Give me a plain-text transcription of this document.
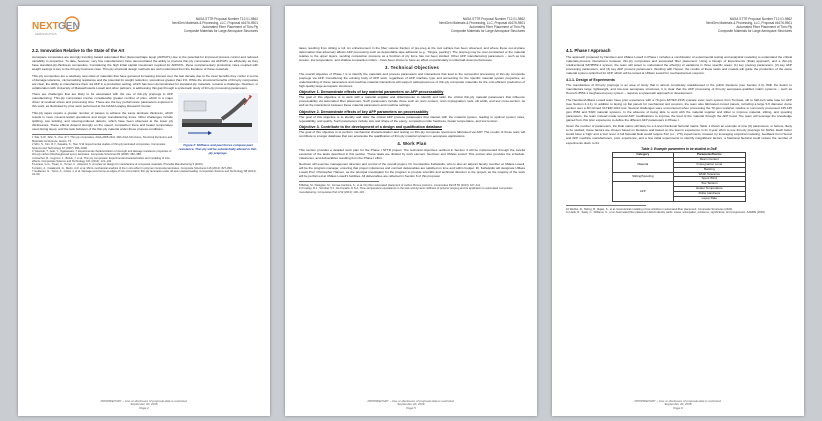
NEXT GEN
AERONAUTICS
NASA STTR Proposal Number T12.01-9862
NextGen Materials & Processing, LLC, Proposal #1676-9501
Automated Fiber Placement of Thin-Ply
Composite Materials for Large Aerospace Structures
2.2. Innovation Relative to the State of the Art

Aerospace composites are strongly trending toward automated fiber placement/tape layup (AFP/ATL) due to the potential for improved process control and reduced variability in properties. To date, however, very few manufacturers have demonstrated the ability to process thin-ply composites via AFP/ATL as efficiently as they have standard-ply-thickness composites. Considering the high initial capital investment required for AFP/ATL, these complementary production rates coupled with weight savings is key to the thin-ply business case. Thin-ply structural design methods are well understood from the literature of these materials.

Thin-ply composites are a relatively new class of materials that have garnered increasing interest over the last decade due to the clear benefits they confer in terms of damage tolerance, microcracking resistance and the potential for weight reduction, sometimes greater than 1%. While the structural benefits of thin-ply composites are clear, the ability to manufacture them via AFP in a production setting, which has been demonstrated for standard-ply materials, remains a challenge. NextGen, in collaboration with University of Massachusetts Lowell and other partners, is addressing this gap through a systematic study of thin-ply processing parameters.

Figure 2: Stiffness and peel forces compare peel resistance. Thin ply will be substantially altered in thin-ply prepregs.

There are challenges that are likely to be associated with the use of thin-ply prepregs in AFP manufacturing. Thin-ply composites involve considerably greater number of plies, which is a major driver of residual stress and processing time. These are the key performance parameters explored in this work, as illustrated by prior work performed at the NASA Langley Research Center.

Thin-ply tapes require a greater number of passes to achieve the same laminate thickness, which results in more cut-and-restart operations and longer manufacturing times. Other challenges include splitting, tow twisting, and steering-induced defects, which have been observed at the lower ply thicknesses. These effects depend strongly on the speed, compaction force and heater temperature used during layup, and the tack behavior of the thin-ply material under these process conditions.

1 Tsai, S.W., Sihn, S., Kim, R.Y. Thin ply composites. AIAA-2005-2311, 46th AIAA Structures, Structural Dynamics and Materials Conference, Austin, TX.
2 Sihn, S., Kim, R.Y., Kawabe, K., Tsai, S.W. Experimental studies of thin-ply laminated composites. Composites Science and Technology 67 (2007): 996–1008.
3 Yokozeki, T., Aoki, Y., Ogasawara, T. Experimental characterization of strength and damage resistance properties of thin-ply carbon fiber/toughened epoxy laminates. Composite Structures 82 (2008): 382–389.
4 Amacher, R., Cugnoni, J., Botsis, J. et al. Thin ply composites: Experimental characterization and modeling of size-effects. Composites Science and Technology 101 (2014): 121–132.
5 Lozano, G.G., Tiwari, A., Turner, C., Astwood, S. A review on design for manufacture of composite materials. Procedia Manufacturing 5 (2016).
6 Arteiro, A., Catalanotti, G., Melro, A.R. et al. Micro-mechanical analysis of the in situ effect in polymer composite laminates. Composite Structures 116 (2014): 827–840.
7 Guillamet, G., Turon, A., Costa, J. et al. Damage occurrence at edges of non-crimp-fabric thin-ply laminates under off-axis uniaxial loading. Composites Science and Technology 98 (2014): 44–50.
PROPRIETARY – Use or disclosure of proposal data is restricted.
September 30, 2016
Page 2
NASA STTR Proposal Number T12.01-9862
NextGen Materials & Processing, LLC, Proposal #1676-9501
Automated Fiber Placement of Thin-Ply
Composite Materials for Large Aerospace Structures

tapes resulting from slitting a roll. An enhancement in the fiber volume fraction of pre-preg at the tool surface has been observed, and where these out-of-plane deformation that adversely affects AFP processing such as dependable tape adhesion (e.g., 'fringes, peeling'). The prepreg may be over-compacted or the material relative to the upper layers, sending compaction pressure as a function of ply force has not been studied. Other AFP manufacturing parameters – such as low tension, low temperature, and shallow compaction rollers – have been shown to have an effect on particularly in initial laid-down performance.

3. Technical Objectives

The overall objective of Phase I is to identify the materials and process parameters and interactions that lead to the successful processing of thin-ply composite prepregs via AFP. Considering the existing body of AFP work, regardless of AFP machine type and accounting for the specific material system properties, an understanding of these parameters and machine-material interactions will support widespread use of thin-ply composite materials for the cost-efficient production of high-quality large aerospace structures.

Objective 1. Demonstrate effects of key material parameters on AFP processability

The goal of this objective is to work with a material supplier and slitter/spooler to identify and tailor the critical thin-ply material parameters that influence processability via automated fiber placement. Such parameters include those such as resin content, resin impregnation, tack, slit width, and tow cross-section, as well as the interactions between these material parameters and machine settings.

Objective 2. Demonstrate effects of key AFP parameters on processability

The goal of this objective is to identify and tailor the critical AFP process parameters that interact with the material system, leading to optimal system rates, repeatability, and quality. Such parameters include size and shape of the epoxy, compaction roller hardness, heater temperature, and tow tension.

Objective 3. Contribute to the development of a design and qualification database

The goal of this objective is to perform mechanical characterization and testing on thin-ply composite specimens fabricated via AFP. The results of these tests will contribute to a larger database that can accelerate the qualification of thin-ply material systems in aerospace applications.

4. Work Plan

This section provides a detailed work plan for the Phase I STTR project. The technical objectives outlined in Section 3 will be implemented through the careful execution of the tasks described in this section. These tasks are divided by work element. NextGen and UMass Lowell. This section also provides the schedule, milestones, and deliverables resulting from the Phase I effort.

NextGen will exercise management direction and control of the overall project. Dr. Konstantine Fetfatsidis, who is also an adjunct faculty member at UMass Lowell, will be the program manager, ensuring that project milestones and contract deliverables are satisfied on time and within budget. Dr. Fetfatsidis will designate UMass Lowell Prof. Christopher Hansen, as the principal investigator for the program to provide scientific and technical direction to the project, as the majority of the work will be performed at UMass Lowell's facilities. All deliverables are reflected in Section 6 of this proposal.

8 Belhaj, M., Deleglise, M., Comas-Cardona, S., et al. Dry fiber automated placement of carbon fibrous preforms. Composites Part B 50 (2013): 107–111.
9 Crossley, R.J., Schubel, P.J., De Focatiis, D.S.A. Time–temperature equivalence in the tack and dynamic stiffness of polymer prepreg and its application to automated composites manufacturing. Composites Part A 52 (2013): 126–133.
PROPRIETARY – Use or disclosure of proposal data is restricted.
September 30, 2016
Page 5
NASA STTR Proposal Number T12.01-9862
NextGen Materials & Processing, LLC, Proposal #1676-9501
Automated Fiber Placement of Thin-Ply
Composite Materials for Large Aerospace Structures
4.1. Phase I Approach

The approach proposed by NextGen and UMass Lowell in Phase I includes a combination of experimental testing and analytical modeling to understand the critical materials-process interactions between thin-ply composites and automated fiber placement. Using a Design of Experiments (DoE) approach, and a thin-ply unidirectional IM7/8552-1 system, the team will select to understand the effect(s) of variations in three specific areas: (1) key prepreg parameters, (2) key AFP processing parameters, and (3) key AFP process parameters. Working with Hexcel, the results of these tasks and models will guide the production of the same material system optimized for AFP, which will be tested at UMass Lowell for mechanical test coupons.

4.1.1. Design of Experiments

The manufacture of thin-ply prepregs is an area of study that is almost completely unaddressed in the public literature (see Section 2.3). With the desire to manufacture large, lightweight, and low-cost aerospace structures, it is clear that the AFP processing of thin-ply aerospace-qualified matrix systems – such as Hexcel's 8552-1 toughened epoxy system – requires a systematic approach to development.

The NextGen/UMass Lowell team have prior experience with a 70-gsm IM7/EX-1515 cyanate ester resin system from TenCate, slit to half-inch wide tape for AFP (see Section 4.1.1). In addition to laying up flat panels for mechanical test coupons, the team also fabricated curved panels, including a large 5-ft diameter dome section over a 3D printed ULTEM 1010 tool. Several challenges were encountered when processing the 70-gsm material, relative to commonly processed 135-145 gsm 8552 and 5320 material systems. In the absence of being able to work with the material supplier and slitter to improve material, slitting, and spooling parameters, the team instead made several AFP modifications to improve the feed of the material through the AFP head. The team will leverage the knowledge gained from this prior experience to define the different AFP parameters in Phase I.

Given the number of parameters, the DoE matrix will likely be a 2-level fractional factorial matrix. Table 1 shows an example of nine (9) parameters, or factors, likely to be studied; these factors are chosen based on literature and based on the team's experience in its 3-year effort to use thin-ply prepregs for NASA. Each factor would have a 'high' and a 'low' level. A full factorial DoE would require 512 (i.e., 2^9) experiments. Instead, by leveraging empirical modeling, feedback from Hexcel and AFP machine manufacturers, prior experience, and a few initial experiments to identify insignificant factors, a fractional factorial could reduce the number of experiments down to 64.

Table 1: Example parameters to be studied in DoE
Category	Parameter/Factor
Material	Resin Content
	Impregnation Level
	Backing
Slitting/Spooling	Width Tolerance
	Spool Wind
AFP	Tow Tension
	Heater Temperature
	Roller Hardness
	Layup Rate
10 Wehbe, R., Tatting, B., Rajan, S., et al. Geometrical modeling of tow wrinkles in automated fiber placement. Composite Structures (2020).
11 Harik, R., Saidy, C., Williams, S., et al. Automated fiber placement defect identity cards: cause, anticipation, existence, significance, and progression. SAMPE (2018).
PROPRIETARY – Use or disclosure of proposal data is restricted.
September 30, 2016
Page 6
